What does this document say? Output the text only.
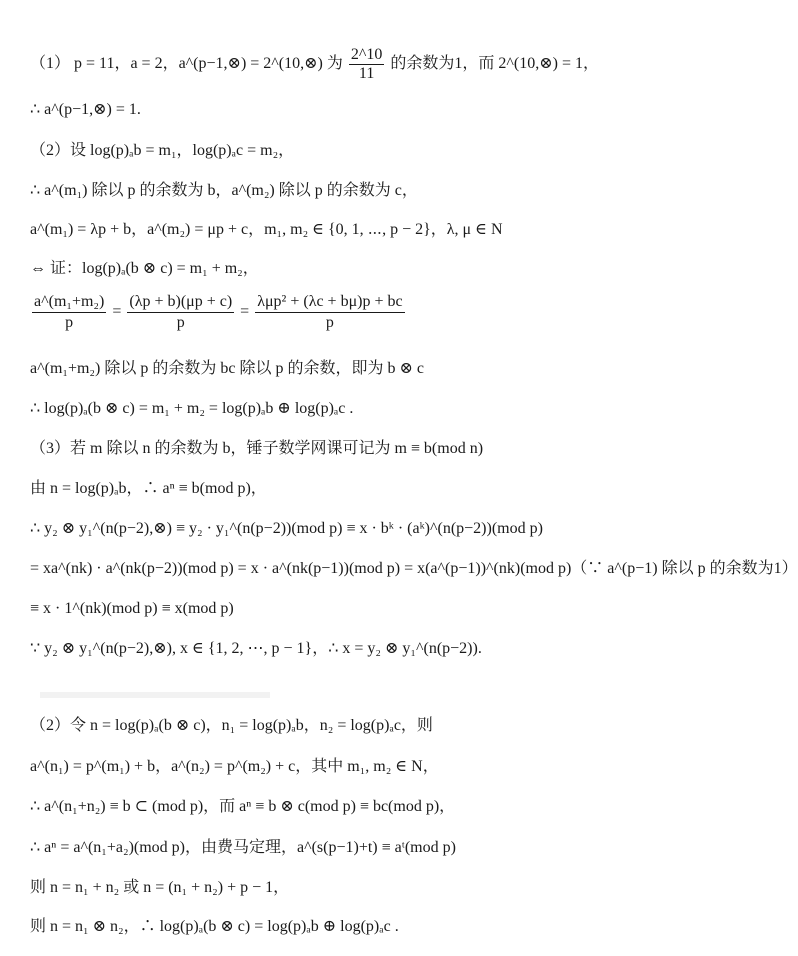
（1） p = 11，a = 2，a^(p−1,⊗) = 2^(10,⊗) 为 $\frac{2\^{}10}{11}$ 的余数为1，而 2^(10,⊗) = 1，
∴ a^(p−1,⊗) = 1.
（2）设 log(p)ₐb = m₁，log(p)ₐc = m₂，
∴ a^(m₁) 除以 p 的余数为 b，a^(m₂) 除以 p 的余数为 c，
a^(m₁) = λp + b，a^(m₂) = μp + c，m₁, m₂ ∈ {0, 1, ⋯, p − 2}，λ, μ ∈ N
⇔ 证：log(p)ₐ(b ⊗ c) = m₁ + m₂，
$\frac{\text{a\textasciicircum{}(m₁+m₂)}}{p} = \frac{(\lambda p + b)(\mu p + c)}{p} = \frac{\text{λμp² + (λc + bμ)p + bc}}{p}$
a^(m₁+m₂) 除以 p 的余数为 bc 除以 p 的余数，即为 b ⊗ c
∴ log(p)ₐ(b ⊗ c) = m₁ + m₂ = log(p)ₐb ⊕ log(p)ₐc .
（3）若 m 除以 n 的余数为 b，锤子数学网课可记为 m ≡ b(mod n)
由 n = log(p)ₐb，∴ aⁿ ≡ b(mod p)，
∴ y₂ ⊗ y₁^(n(p−2),⊗) ≡ y₂ · y₁^(n(p−2))(mod p) ≡ x · bᵏ · (aᵏ)^(n(p−2))(mod p)
= xa^(nk) · a^(nk(p−2))(mod p) = x · a^(nk(p−1))(mod p) = x(a^(p−1))^(nk)(mod p)（∵ a^(p−1) 除以 p 的余数为1）
≡ x · 1^(nk)(mod p) ≡ x(mod p)
∵ y₂ ⊗ y₁^(n(p−2),⊗), x ∈ {1, 2, ⋯, p − 1}，∴ x = y₂ ⊗ y₁^(n(p−2)).
（2）令 n = log(p)ₐ(b ⊗ c)，n₁ = log(p)ₐb，n₂ = log(p)ₐc，则
a^(n₁) = p^(m₁) + b，a^(n₂) = p^(m₂) + c，其中 m₁, m₂ ∈ N，
∴ a^(n₁+n₂) ≡ b ⊂ (mod p)，而 aⁿ ≡ b ⊗ c(mod p) ≡ bc(mod p)，
∴ aⁿ = a^(n₁+a₂)(mod p)，由费马定理，a^(s(p−1)+t) ≡ aᵗ(mod p)
则 n = n₁ + n₂ 或 n = (n₁ + n₂) + p − 1，
则 n = n₁ ⊗ n₂，∴ log(p)ₐ(b ⊗ c) = log(p)ₐb ⊕ log(p)ₐc .
